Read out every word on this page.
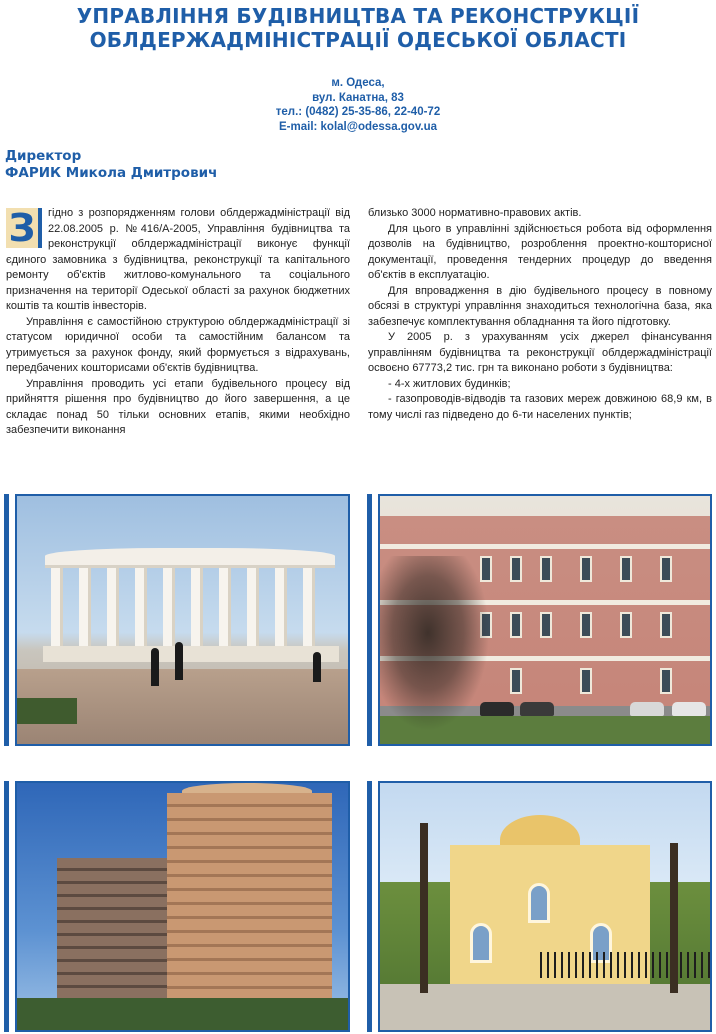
УПРАВЛІННЯ БУДІВНИЦТВА ТА РЕКОНСТРУКЦІЇ
ОБЛДЕРЖАДМІНІСТРАЦІЇ ОДЕСЬКОЇ ОБЛАСТІ
м. Одеса,
вул. Канатна, 83
тел.: (0482) 25-35-86, 22-40-72
E-mail: kolal@odessa.gov.ua
Директор
ФАРИК Микола Дмитрович

З	гідно з розпорядженням голови облдержадміністрації від 22.08.2005 р. №416/А-2005, Управління будівництва та реконструкції облдержадміністрації виконує функції єдиного замовника з будівництва, реконструкції та капітального ремонту об'єктів житлово-комунального та соціального призначення на території Одеської області за рахунок бюджетних коштів та коштів інвесторів.

Управління є самостійною структурою облдержадміністрації зі статусом юридичної особи та самостійним балансом та утримується за рахунок фонду, який формується з відрахувань, передбачених кошторисами об'єктів будівництва.

Управління проводить усі етапи будівельного процесу від прийняття рішення про будівництво до його завершення, а це складає понад 50 тільки основних етапів, якими необхідно забезпечити виконання

близько 3000 нормативно-правових актів.

Для цього в управлінні здійснюється робота від оформлення дозволів на будівництво, розроблення проектно-кошторисної документації, проведення тендерних процедур до введення об'єктів в експлуатацію.

Для впровадження в дію будівельного процесу в повному обсязі в структурі управління знаходиться технологічна база, яка забезпечує комплектування обладнання та його підготовку.

У 2005 р. з урахуванням усіх джерел фінансування управлінням будівництва та реконструкції облдержадміністрації освоєно 67773,2 тис. грн та виконано роботи з будівництва:

- 4-х житлових будинків;

- газопроводів-відводів та газових мереж довжиною 68,9 км, в тому числі газ підведено до 6-ти населених пунктів;
